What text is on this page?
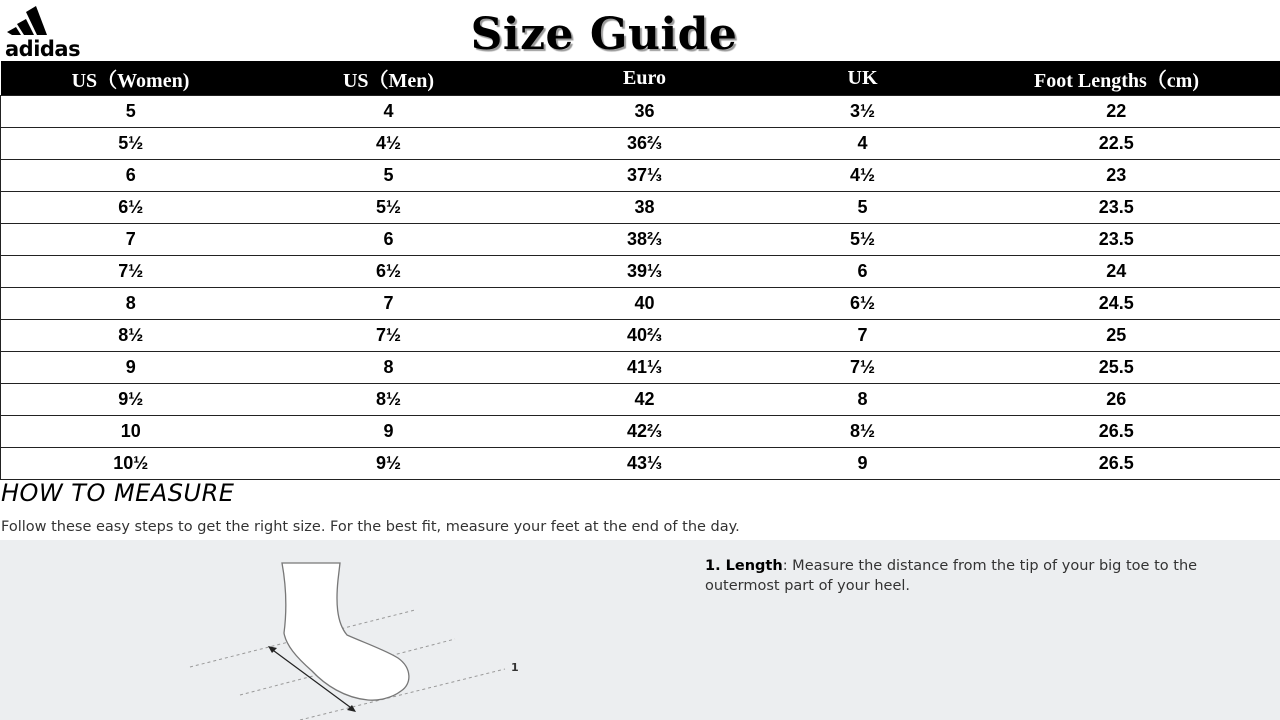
adidas	Size Guide
US（Women)	US（Men)	Euro	UK	Foot Lengths（cm)
5	4	36	3½	22
5½	4½	36⅔	4	22.5
6	5	37⅓	4½	23
6½	5½	38	5	23.5
7	6	38⅔	5½	23.5
7½	6½	39⅓	6	24
8	7	40	6½	24.5
8½	7½	40⅔	7	25
9	8	41⅓	7½	25.5
9½	8½	42	8	26
10	9	42⅔	8½	26.5
10½	9½	43⅓	9	26.5
HOW TO MEASURE
Follow these easy steps to get the right size. For the best fit, measure your feet at the end of the day.
1
1. Length: Measure the distance from the tip of your big toe to the outermost part of your heel.
